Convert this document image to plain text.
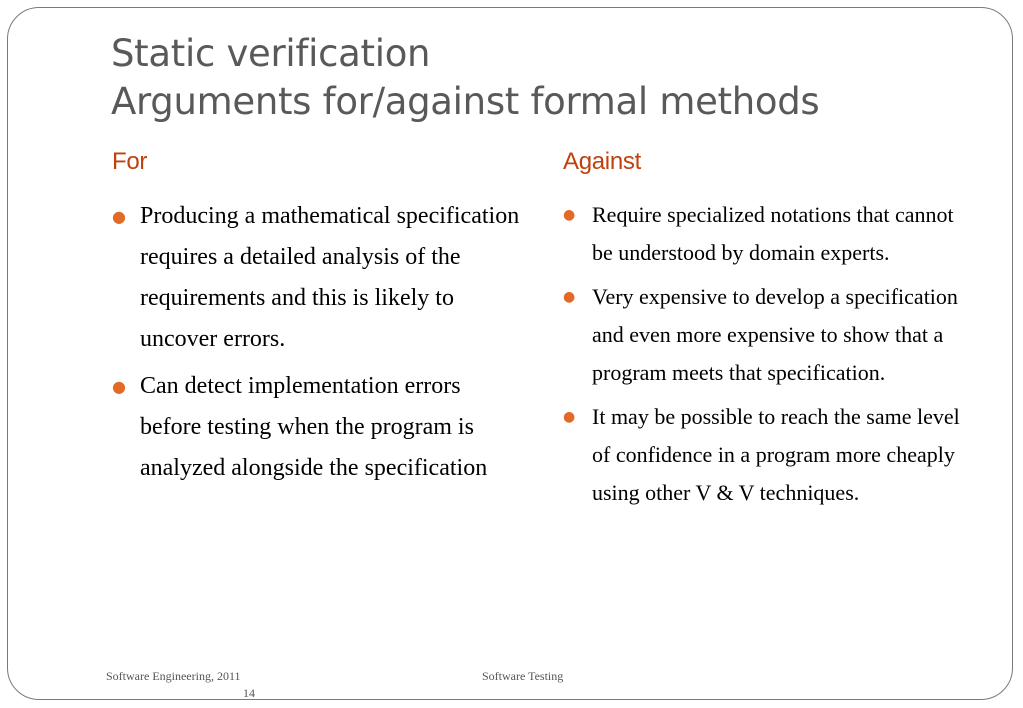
Static verification
Arguments for/against formal methods
For	Against
● Producing a mathematical specification requires a detailed analysis of the requirements and this is likely to uncover errors.
● Can detect implementation errors before testing when the program is analyzed alongside the specification
● Require specialized notations that cannot be understood by domain experts.
● Very expensive to develop a specification and even more expensive to show that a program meets that specification.
● It may be possible to reach the same level of confidence in a program more cheaply using other V & V techniques.
Software Engineering, 2011	Software Testing
14
